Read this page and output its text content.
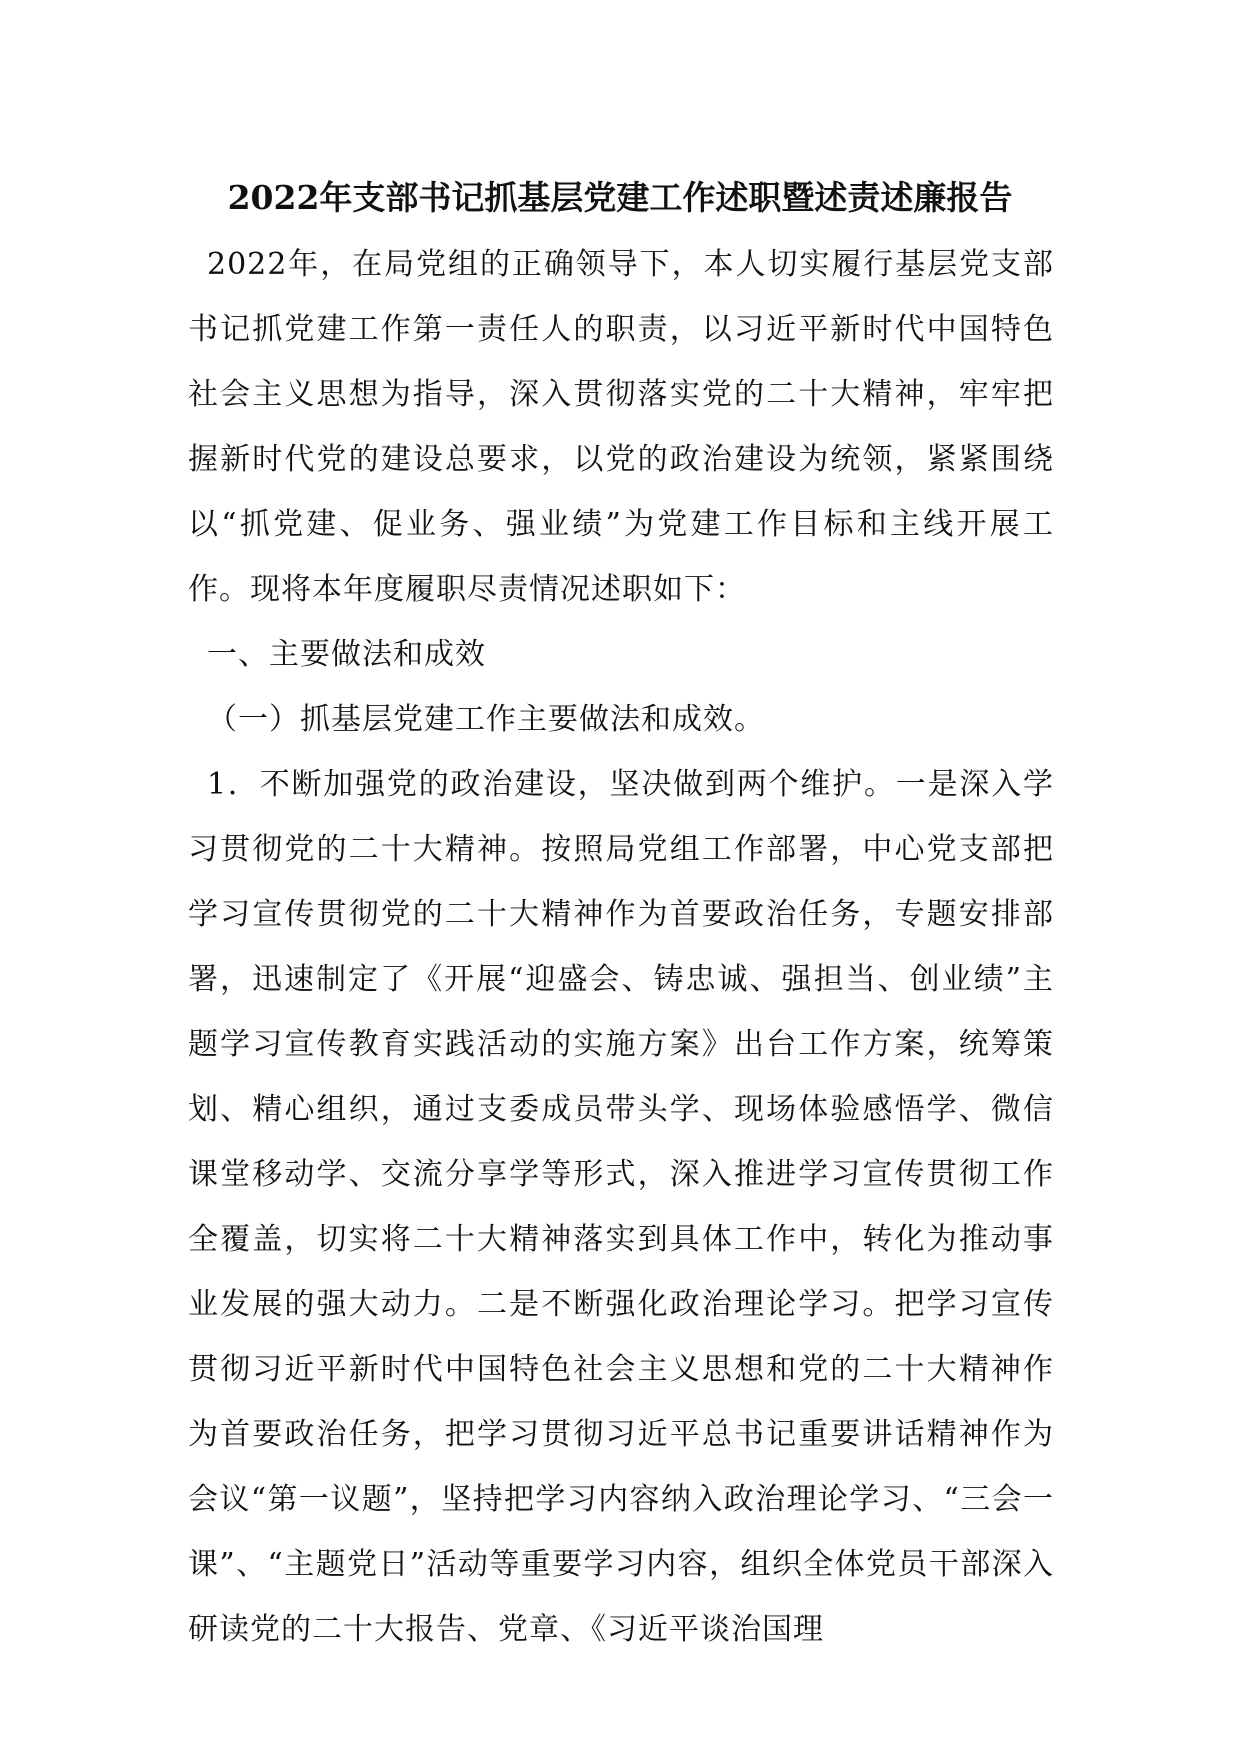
2022年支部书记抓基层党建工作述职暨述责述廉报告

2022年，在局党组的正确领导下，本人切实履行基层党支部书记抓党建工作第一责任人的职责，以习近平新时代中国特色社会主义思想为指导，深入贯彻落实党的二十大精神，牢牢把握新时代党的建设总要求，以党的政治建设为统领，紧紧围绕以“抓党建、促业务、强业绩”为党建工作目标和主线开展工作。现将本年度履职尽责情况述职如下：

一、主要做法和成效

（一）抓基层党建工作主要做法和成效。

1．不断加强党的政治建设，坚决做到两个维护。一是深入学习贯彻党的二十大精神。按照局党组工作部署，中心党支部把学习宣传贯彻党的二十大精神作为首要政治任务，专题安排部署，迅速制定了《开展“迎盛会、铸忠诚、强担当、创业绩”主题学习宣传教育实践活动的实施方案》出台工作方案，统筹策划、精心组织，通过支委成员带头学、现场体验感悟学、微信课堂移动学、交流分享学等形式，深入推进学习宣传贯彻工作全覆盖，切实将二十大精神落实到具体工作中，转化为推动事业发展的强大动力。二是不断强化政治理论学习。把学习宣传贯彻习近平新时代中国特色社会主义思想和党的二十大精神作为首要政治任务，把学习贯彻习近平总书记重要讲话精神作为会议“第一议题”，坚持把学习内容纳入政治理论学习、“三会一课”、“主题党日”活动等重要学习内容，组织全体党员干部深入研读党的二十大报告、党章、《习近平谈治国理
